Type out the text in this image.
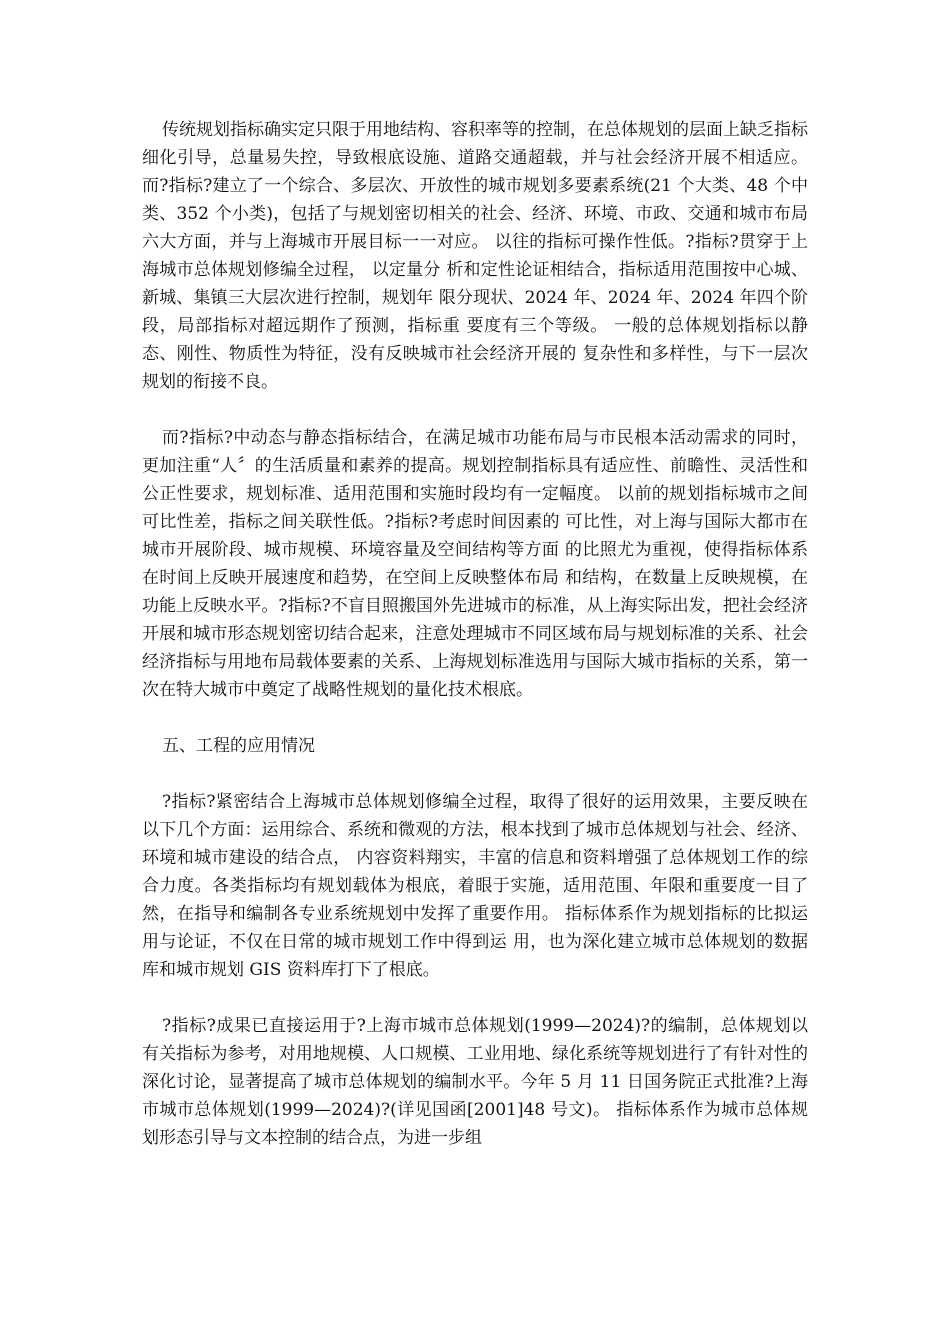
传统规划指标确实定只限于用地结构、容积率等的控制，在总体规划的层面上缺乏指标细化引导，总量易失控，导致根底设施、道路交通超载，并与社会经济开展不相适应。而?指标?建立了一个综合、多层次、开放性的城市规划多要素系统(21 个大类、48 个中类、352 个小类)，包括了与规划密切相关的社会、经济、环境、市政、交通和城市布局六大方面，并与上海城市开展目标一一对应。 以往的指标可操作性低。?指标?贯穿于上海城市总体规划修编全过程， 以定量分 析和定性论证相结合，指标适用范围按中心城、新城、集镇三大层次进行控制，规划年 限分现状、2024 年、2024 年、2024 年四个阶段，局部指标对超远期作了预测，指标重 要度有三个等级。 一般的总体规划指标以静态、刚性、物质性为特征，没有反映城市社会经济开展的 复杂性和多样性，与下一层次规划的衔接不良。

而?指标?中动态与静态指标结合，在满足城市功能布局与市民根本活动需求的同时，更加注重“人〞的生活质量和素养的提高。规划控制指标具有适应性、前瞻性、灵活性和公正性要求，规划标准、适用范围和实施时段均有一定幅度。 以前的规划指标城市之间可比性差，指标之间关联性低。?指标?考虑时间因素的 可比性，对上海与国际大都市在城市开展阶段、城市规模、环境容量及空间结构等方面 的比照尤为重视，使得指标体系在时间上反映开展速度和趋势，在空间上反映整体布局 和结构，在数量上反映规模，在功能上反映水平。?指标?不盲目照搬国外先进城市的标准，从上海实际出发，把社会经济开展和城市形态规划密切结合起来，注意处理城市不同区域布局与规划标准的关系、社会经济指标与用地布局载体要素的关系、上海规划标准选用与国际大城市指标的关系，第一次在特大城市中奠定了战略性规划的量化技术根底。

五、工程的应用情况

?指标?紧密结合上海城市总体规划修编全过程，取得了很好的运用效果，主要反映在以下几个方面：运用综合、系统和微观的方法，根本找到了城市总体规划与社会、经济、环境和城市建设的结合点， 内容资料翔实，丰富的信息和资料增强了总体规划工作的综合力度。各类指标均有规划载体为根底，着眼于实施，适用范围、年限和重要度一目了然，在指导和编制各专业系统规划中发挥了重要作用。 指标体系作为规划指标的比拟运用与论证，不仅在日常的城市规划工作中得到运 用，也为深化建立城市总体规划的数据库和城市规划 GIS 资料库打下了根底。

?指标?成果已直接运用于?上海市城市总体规划(1999—2024)?的编制，总体规划以有关指标为参考，对用地规模、人口规模、工业用地、绿化系统等规划进行了有针对性的深化讨论，显著提高了城市总体规划的编制水平。今年 5 月 11 日国务院正式批准?上海市城市总体规划(1999—2024)?(详见国函[2001]48 号文)。 指标体系作为城市总体规划形态引导与文本控制的结合点，为进一步组
